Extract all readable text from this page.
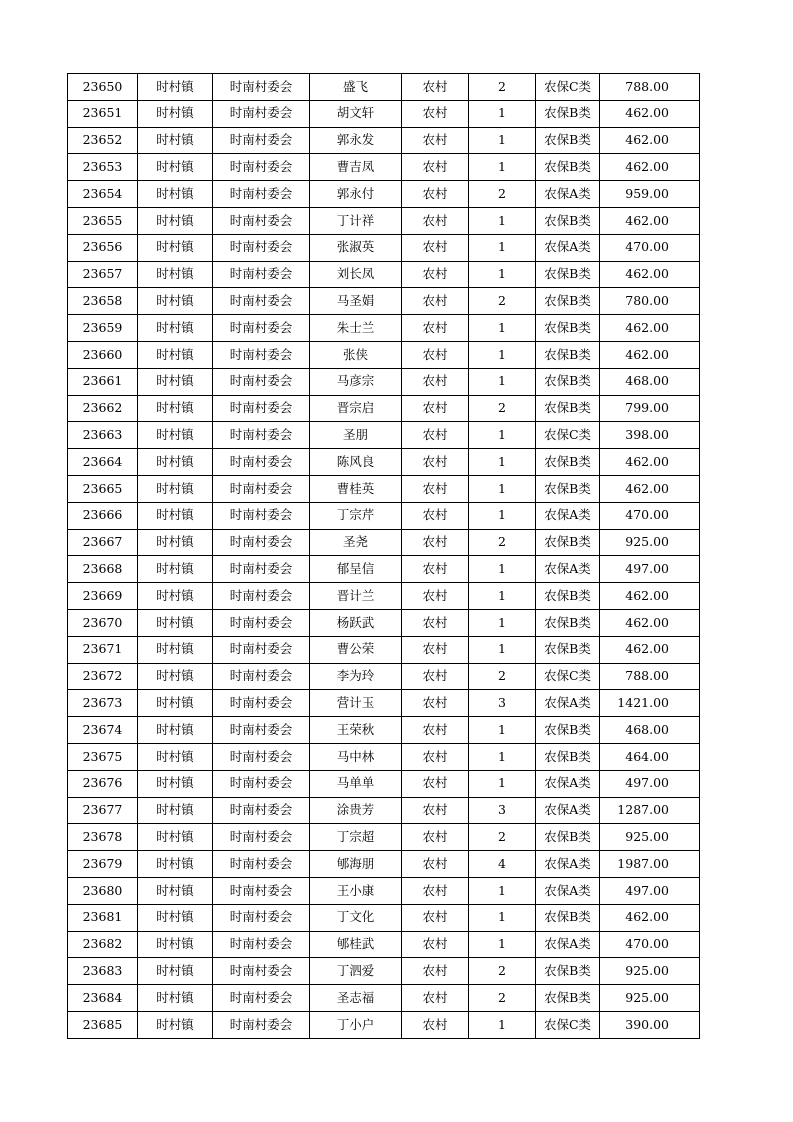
23650	时村镇	时南村委会	盛飞	农村	2	农保C类	788.00
23651	时村镇	时南村委会	胡文轩	农村	1	农保B类	462.00
23652	时村镇	时南村委会	郭永发	农村	1	农保B类	462.00
23653	时村镇	时南村委会	曹吉凤	农村	1	农保B类	462.00
23654	时村镇	时南村委会	郭永付	农村	2	农保A类	959.00
23655	时村镇	时南村委会	丁计祥	农村	1	农保B类	462.00
23656	时村镇	时南村委会	张淑英	农村	1	农保A类	470.00
23657	时村镇	时南村委会	刘长凤	农村	1	农保B类	462.00
23658	时村镇	时南村委会	马圣娟	农村	2	农保B类	780.00
23659	时村镇	时南村委会	朱士兰	农村	1	农保B类	462.00
23660	时村镇	时南村委会	张侠	农村	1	农保B类	462.00
23661	时村镇	时南村委会	马彦宗	农村	1	农保B类	468.00
23662	时村镇	时南村委会	晋宗启	农村	2	农保B类	799.00
23663	时村镇	时南村委会	圣朋	农村	1	农保C类	398.00
23664	时村镇	时南村委会	陈风良	农村	1	农保B类	462.00
23665	时村镇	时南村委会	曹桂英	农村	1	农保B类	462.00
23666	时村镇	时南村委会	丁宗芹	农村	1	农保A类	470.00
23667	时村镇	时南村委会	圣尧	农村	2	农保B类	925.00
23668	时村镇	时南村委会	郁呈信	农村	1	农保A类	497.00
23669	时村镇	时南村委会	晋计兰	农村	1	农保B类	462.00
23670	时村镇	时南村委会	杨跃武	农村	1	农保B类	462.00
23671	时村镇	时南村委会	曹公荣	农村	1	农保B类	462.00
23672	时村镇	时南村委会	李为玲	农村	2	农保C类	788.00
23673	时村镇	时南村委会	营计玉	农村	3	农保A类	1421.00
23674	时村镇	时南村委会	王荣秋	农村	1	农保B类	468.00
23675	时村镇	时南村委会	马中林	农村	1	农保B类	464.00
23676	时村镇	时南村委会	马单单	农村	1	农保A类	497.00
23677	时村镇	时南村委会	涂贵芳	农村	3	农保A类	1287.00
23678	时村镇	时南村委会	丁宗超	农村	2	农保B类	925.00
23679	时村镇	时南村委会	郇海朋	农村	4	农保A类	1987.00
23680	时村镇	时南村委会	王小康	农村	1	农保A类	497.00
23681	时村镇	时南村委会	丁文化	农村	1	农保B类	462.00
23682	时村镇	时南村委会	郇桂武	农村	1	农保A类	470.00
23683	时村镇	时南村委会	丁泗爱	农村	2	农保B类	925.00
23684	时村镇	时南村委会	圣志福	农村	2	农保B类	925.00
23685	时村镇	时南村委会	丁小户	农村	1	农保C类	390.00
